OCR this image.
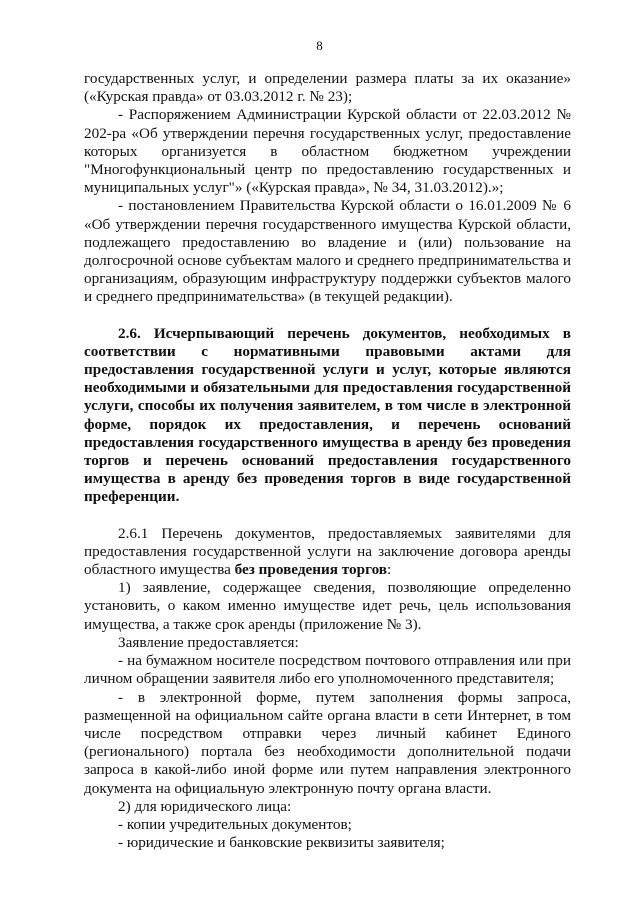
8

государственных услуг, и определении размера платы за их оказание» («Курская правда» от 03.03.2012 г. № 23);

- Распоряжением Администрации Курской области от 22.03.2012 № 202-ра «Об утверждении перечня государственных услуг, предоставление которых организуется в областном бюджетном учреждении "Многофункциональный центр по предоставлению государственных и муниципальных услуг"» («Курская правда», № 34, 31.03.2012).»;

- постановлением Правительства Курской области о 16.01.2009 № 6 «Об утверждении перечня государственного имущества Курской области, подлежащего предоставлению во владение и (или) пользование на долгосрочной основе субъектам малого и среднего предпринимательства и организациям, образующим инфраструктуру поддержки субъектов малого и среднего предпринимательства» (в текущей редакции).

2.6. Исчерпывающий перечень документов, необходимых в соответствии с нормативными правовыми актами для предоставления государственной услуги и услуг, которые являются необходимыми и обязательными для предоставления государственной услуги, способы их получения заявителем, в том числе в электронной форме, порядок их предоставления, и перечень оснований предоставления государственного имущества в аренду без проведения торгов и перечень оснований предоставления государственного имущества в аренду без проведения торгов в виде государственной преференции.

2.6.1 Перечень документов, предоставляемых заявителями для предоставления государственной услуги на заключение договора аренды областного имущества без проведения торгов:

1) заявление, содержащее сведения, позволяющие определенно установить, о каком именно имуществе идет речь, цель использования имущества, а также срок аренды (приложение № 3).

Заявление предоставляется:

- на бумажном носителе посредством почтового отправления или при личном обращении заявителя либо его уполномоченного представителя;

- в электронной форме, путем заполнения формы запроса, размещенной на официальном сайте органа власти в сети Интернет, в том числе посредством отправки через личный кабинет Единого (регионального) портала без необходимости дополнительной подачи запроса в какой-либо иной форме или путем направления электронного документа на официальную электронную почту органа власти.

2) для юридического лица:

- копии учредительных документов;

- юридические и банковские реквизиты заявителя;
